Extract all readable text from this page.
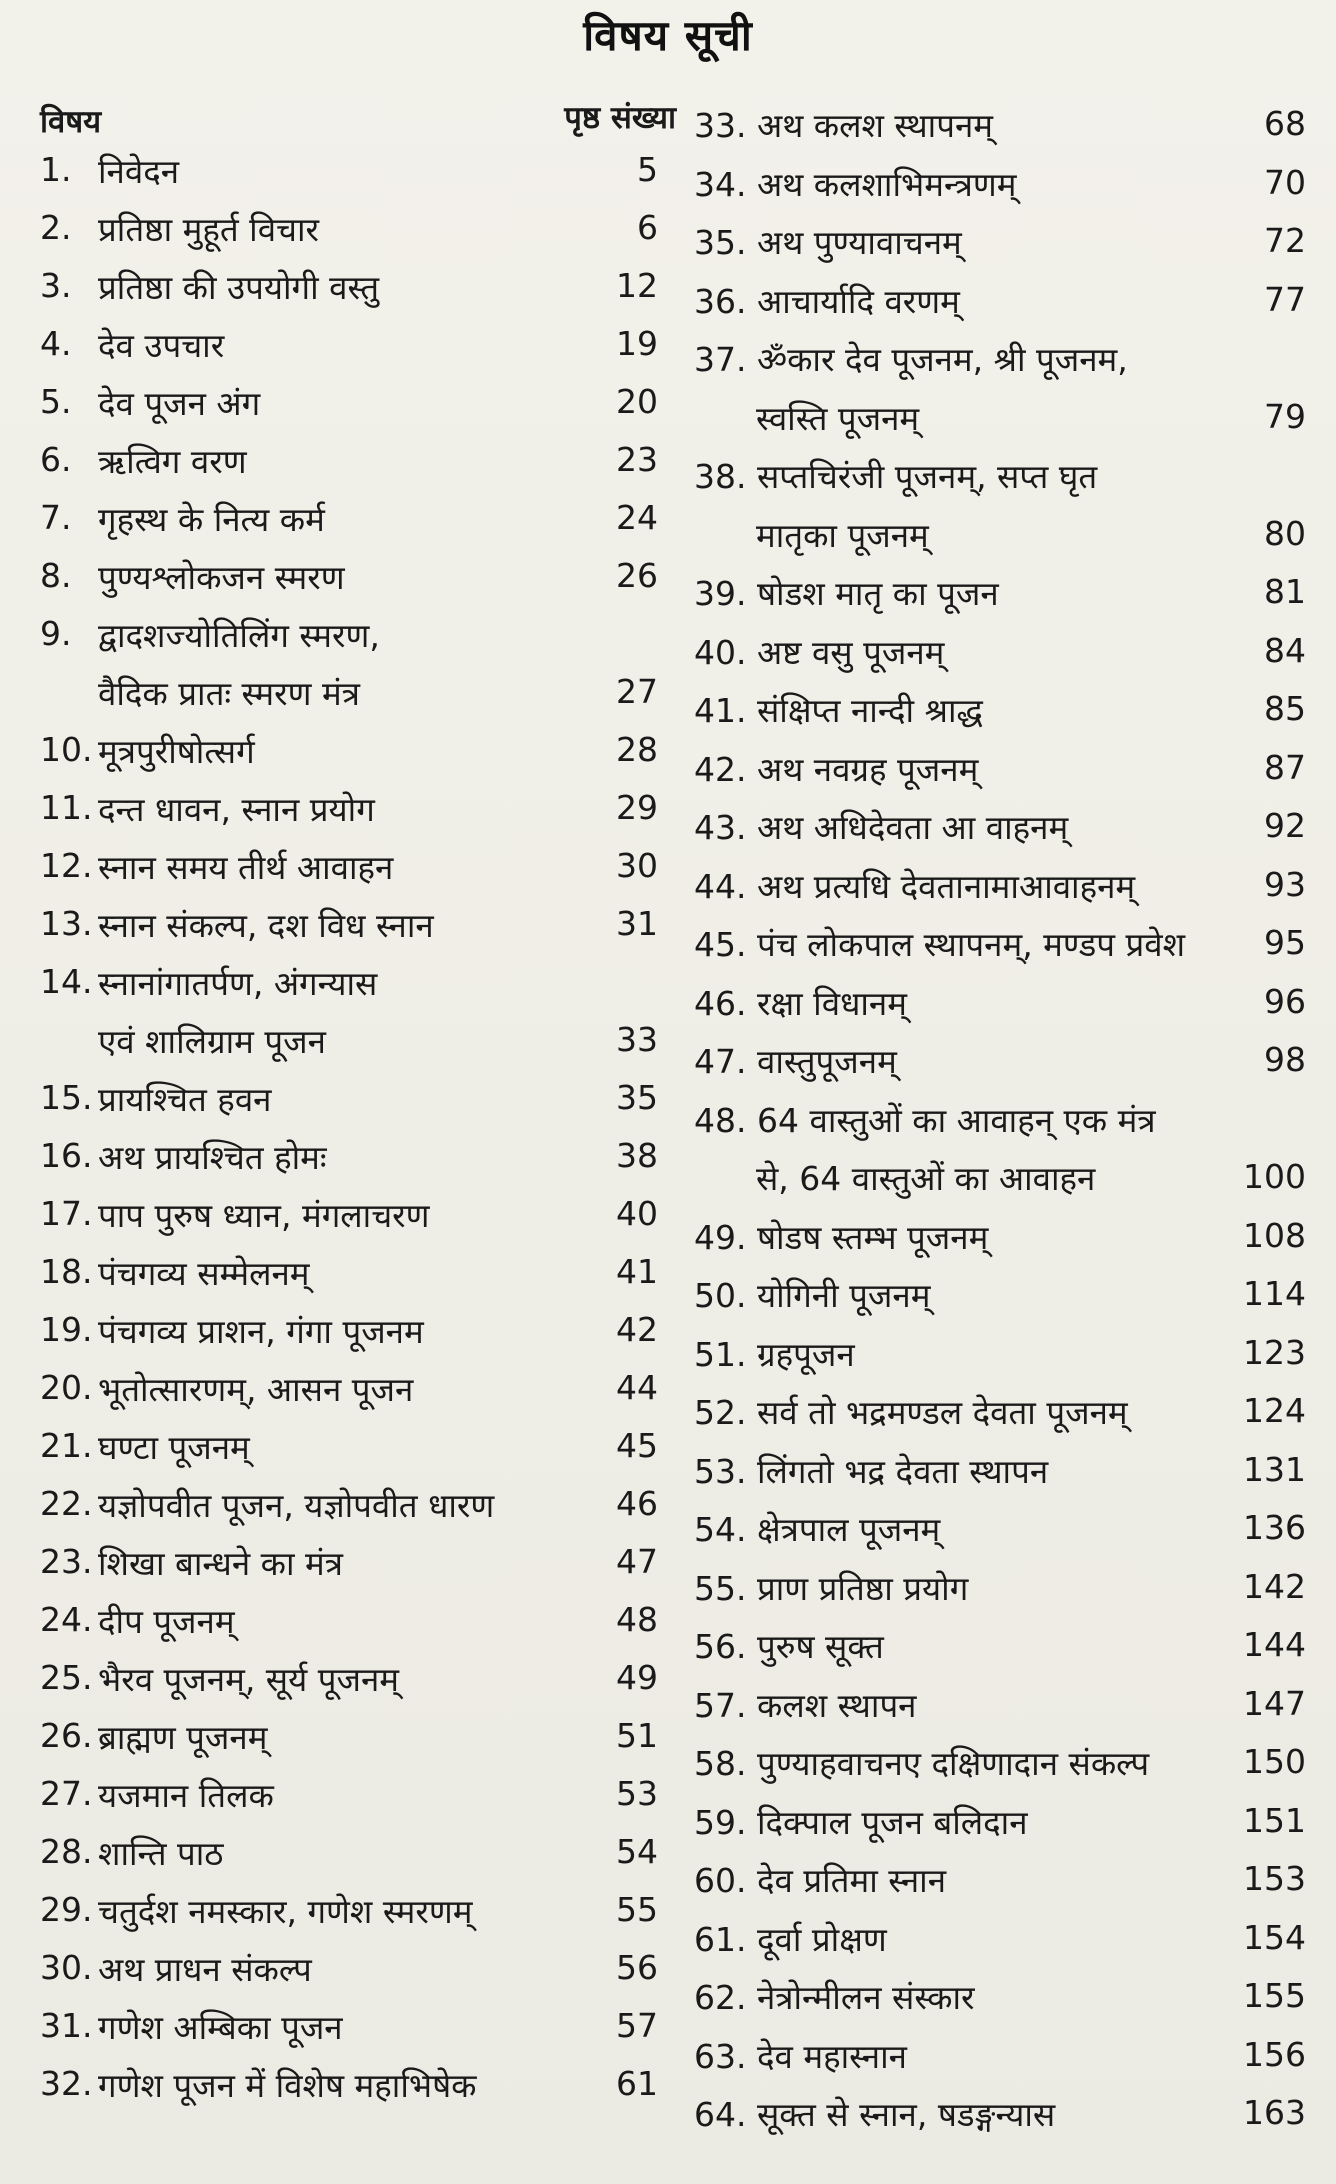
विषय सूची
विषय	पृष्ठ संख्या
1. निवेदन	5
2. प्रतिष्ठा मुहूर्त विचार	6
3. प्रतिष्ठा की उपयोगी वस्तु	12
4. देव उपचार	19
5. देव पूजन अंग	20
6. ऋत्विग वरण	23
7. गृहस्थ के नित्य कर्म	24
8. पुण्यश्लोकजन स्मरण	26
9. द्वादशज्योतिलिंग स्मरण,
वैदिक प्रातः स्मरण मंत्र	27
10. मूत्रपुरीषोत्सर्ग	28
11. दन्त धावन, स्नान प्रयोग	29
12. स्नान समय तीर्थ आवाहन	30
13. स्नान संकल्प, दश विध स्नान	31
14. स्नानांगातर्पण, अंगन्यास
एवं शालिग्राम पूजन	33
15. प्रायश्चित हवन	35
16. अथ प्रायश्चित होमः	38
17. पाप पुरुष ध्यान, मंगलाचरण	40
18. पंचगव्य सम्मेलनम्	41
19. पंचगव्य प्राशन, गंगा पूजनम	42
20. भूतोत्सारणम्, आसन पूजन	44
21. घण्टा पूजनम्	45
22. यज्ञोपवीत पूजन, यज्ञोपवीत धारण	46
23. शिखा बान्धने का मंत्र	47
24. दीप पूजनम्	48
25. भैरव पूजनम्, सूर्य पूजनम्	49
26. ब्राह्मण पूजनम्	51
27. यजमान तिलक	53
28. शान्ति पाठ	54
29. चतुर्दश नमस्कार, गणेश स्मरणम्	55
30. अथ प्राधन संकल्प	56
31. गणेश अम्बिका पूजन	57
32. गणेश पूजन में विशेष महाभिषेक	61
33. अथ कलश स्थापनम्	68
34. अथ कलशाभिमन्त्रणम्	70
35. अथ पुण्यावाचनम्	72
36. आचार्यादि वरणम्	77
37. ॐकार देव पूजनम, श्री पूजनम,
स्वस्ति पूजनम्	79
38. सप्तचिरंजी पूजनम्, सप्त घृत
मातृका पूजनम्	80
39. षोडश मातृ का पूजन	81
40. अष्ट वसु पूजनम्	84
41. संक्षिप्त नान्दी श्राद्ध	85
42. अथ नवग्रह पूजनम्	87
43. अथ अधिदेवता आ वाहनम्	92
44. अथ प्रत्यधि देवतानामाआवाहनम्	93
45. पंच लोकपाल स्थापनम्, मण्डप प्रवेश 95
46. रक्षा विधानम्	96
47. वास्तुपूजनम्	98
48. 64 वास्तुओं का आवाहन् एक मंत्र
से, 64 वास्तुओं का आवाहन	100
49. षोडष स्तम्भ पूजनम्	108
50. योगिनी पूजनम्	114
51. ग्रहपूजन	123
52. सर्व तो भद्रमण्डल देवता पूजनम्	124
53. लिंगतो भद्र देवता स्थापन	131
54. क्षेत्रपाल पूजनम्	136
55. प्राण प्रतिष्ठा प्रयोग	142
56. पुरुष सूक्त	144
57. कलश स्थापन	147
58. पुण्याहवाचनए दक्षिणादान संकल्प	150
59. दिक्पाल पूजन बलिदान	151
60. देव प्रतिमा स्नान	153
61. दूर्वा प्रोक्षण	154
62. नेत्रोन्मीलन संस्कार	155
63. देव महास्नान	156
64. सूक्त से स्नान, षडङ्गन्यास	163
